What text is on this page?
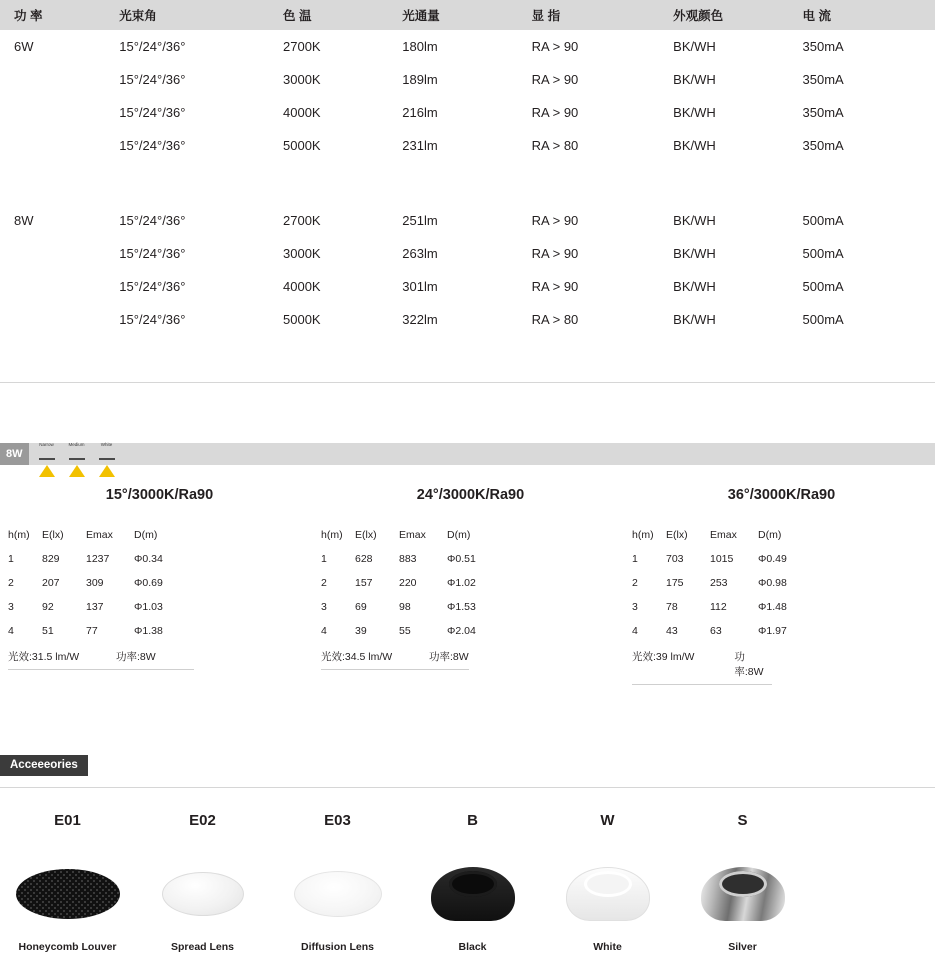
功 率	光束角	色 温	光通量	显 指	外观颜色	电 流
6W	15°/24°/36°	2700K	180lm	RA > 90	BK/WH	350mA
	15°/24°/36°	3000K	189lm	RA > 90	BK/WH	350mA
	15°/24°/36°	4000K	216lm	RA > 90	BK/WH	350mA
	15°/24°/36°	5000K	231lm	RA > 80	BK/WH	350mA

8W	15°/24°/36°	2700K	251lm	RA > 90	BK/WH	500mA
	15°/24°/36°	3000K	263lm	RA > 90	BK/WH	500mA
	15°/24°/36°	4000K	301lm	RA > 90	BK/WH	500mA
	15°/24°/36°	5000K	322lm	RA > 80	BK/WH	500mA

8W
Narrow	Medium	White
15°/3000K/Ra90
h(m)	E(lx)	Emax	D(m)
1	829	1237	Φ0.34
2	207	309	Φ0.69
3	92	137	Φ1.03
4	51	77	Φ1.38
光效:31.5 lm/W	功率:8W
24°/3000K/Ra90
h(m)	E(lx)	Emax	D(m)
1	628	883	Φ0.51
2	157	220	Φ1.02
3	69	98	Φ1.53
4	39	55	Φ2.04
光效:34.5 lm/W	功率:8W
36°/3000K/Ra90
h(m)	E(lx)	Emax	D(m)
1	703	1015	Φ0.49
2	175	253	Φ0.98
3	78	112	Φ1.48
4	43	63	Φ1.97
光效:39 lm/W	功率:8W
Acceeeories
E01
Honeycomb Louver
E02
Spread Lens
E03
Diffusion Lens
B
Black
W
White
S
Silver
